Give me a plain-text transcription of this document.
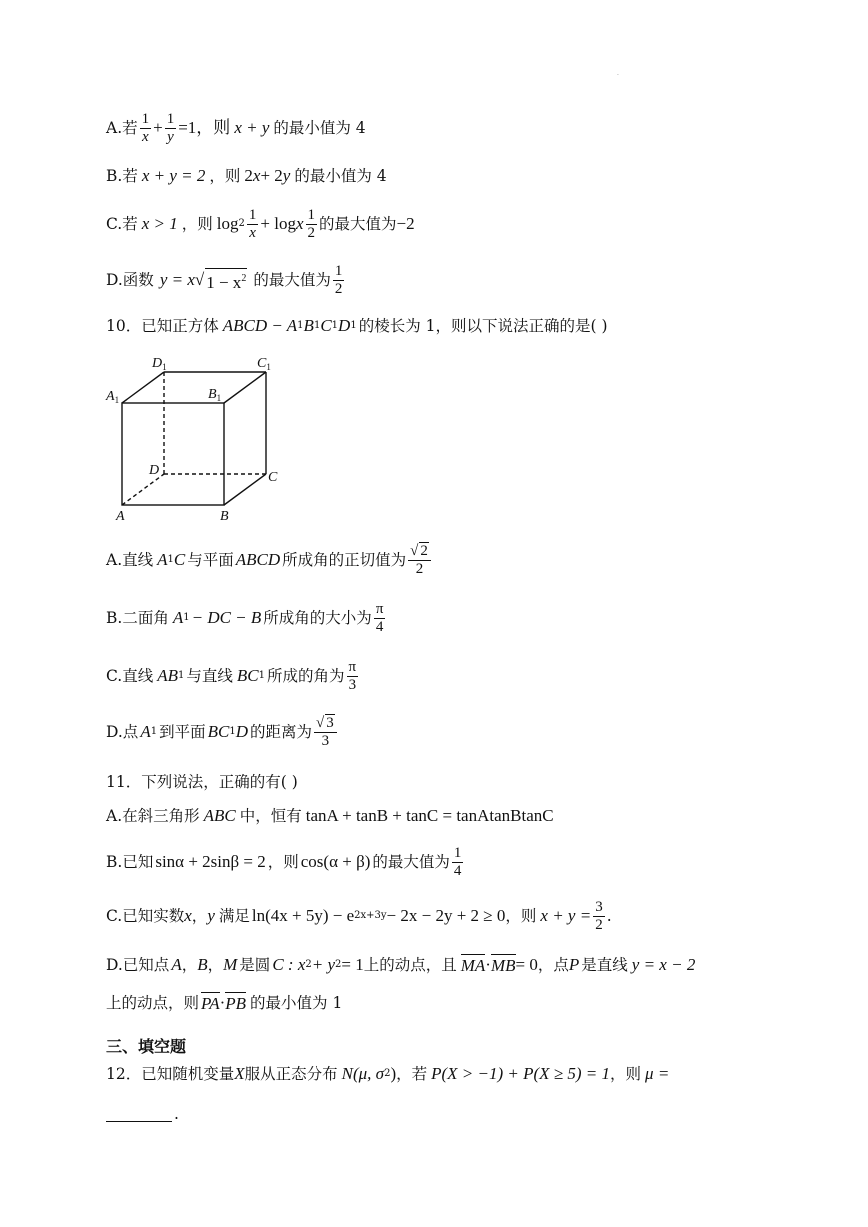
·
A.若 $\frac{1}{x} + \frac{1}{y} =1$，则 x + y 的最小值为 4
B.若 x + y = 2 ，则 2 x + 2 y 的最小值为 4
C.若 x > 1 ，则 $\log 2 \frac{1}{x} + \log x \frac{1}{2}$ 的最大值为 −2
D.函数 y = x √ $1 - x^2$ 的最大值为 $\frac{1}{2}$
10．已知正方体 ABCD − A 1 B 1 C 1 D 1 的棱长为 1，则以下说法正确的是( )
$D_1$	$C_1$
$A_1$	$B_1$
D	C
A	B
A.直线 A 1 C 与平面 ABCD 所成角的正切值为 $\frac{√ 2}{2}$
B.二面角 A 1 − DC − B 所成角的大小为 $\frac{\pi}{4}$
C.直线 AB 1 与直线 BC 1 所成的角为 $\frac{\pi}{3}$
D.点 A 1 到平面 BC 1 D 的距离为 $\frac{√ 3}{3}$
11．下列说法，正确的有( )
A.在斜三角形 ABC 中，恒有 tanA + tanB + tanC = tanAtanBtanC
B.已知 sinα + 2sinβ = 2 ，则 cos(α + β) 的最大值为 $\frac{1}{4}$
C.已知实数 x ， y 满足 ln(4x + 5y) − e 2x+3y − 2x − 2y + 2 ≥ 0 ，则 $x + y = \frac{3}{2}$ .
D.已知点 A ， B ， M 是圆 C : x 2 + y 2 = 1 上的动点，且 MA · MB = 0 ，点 P 是直线 y = x − 2
上的动点，则 PA · PB 的最小值为 1
三、填空题
12．已知随机变量 X 服从正态分布 N(μ, σ 2 ) ，若 P(X > −1) + P(X ≥ 5) = 1 ，则 μ =
.
